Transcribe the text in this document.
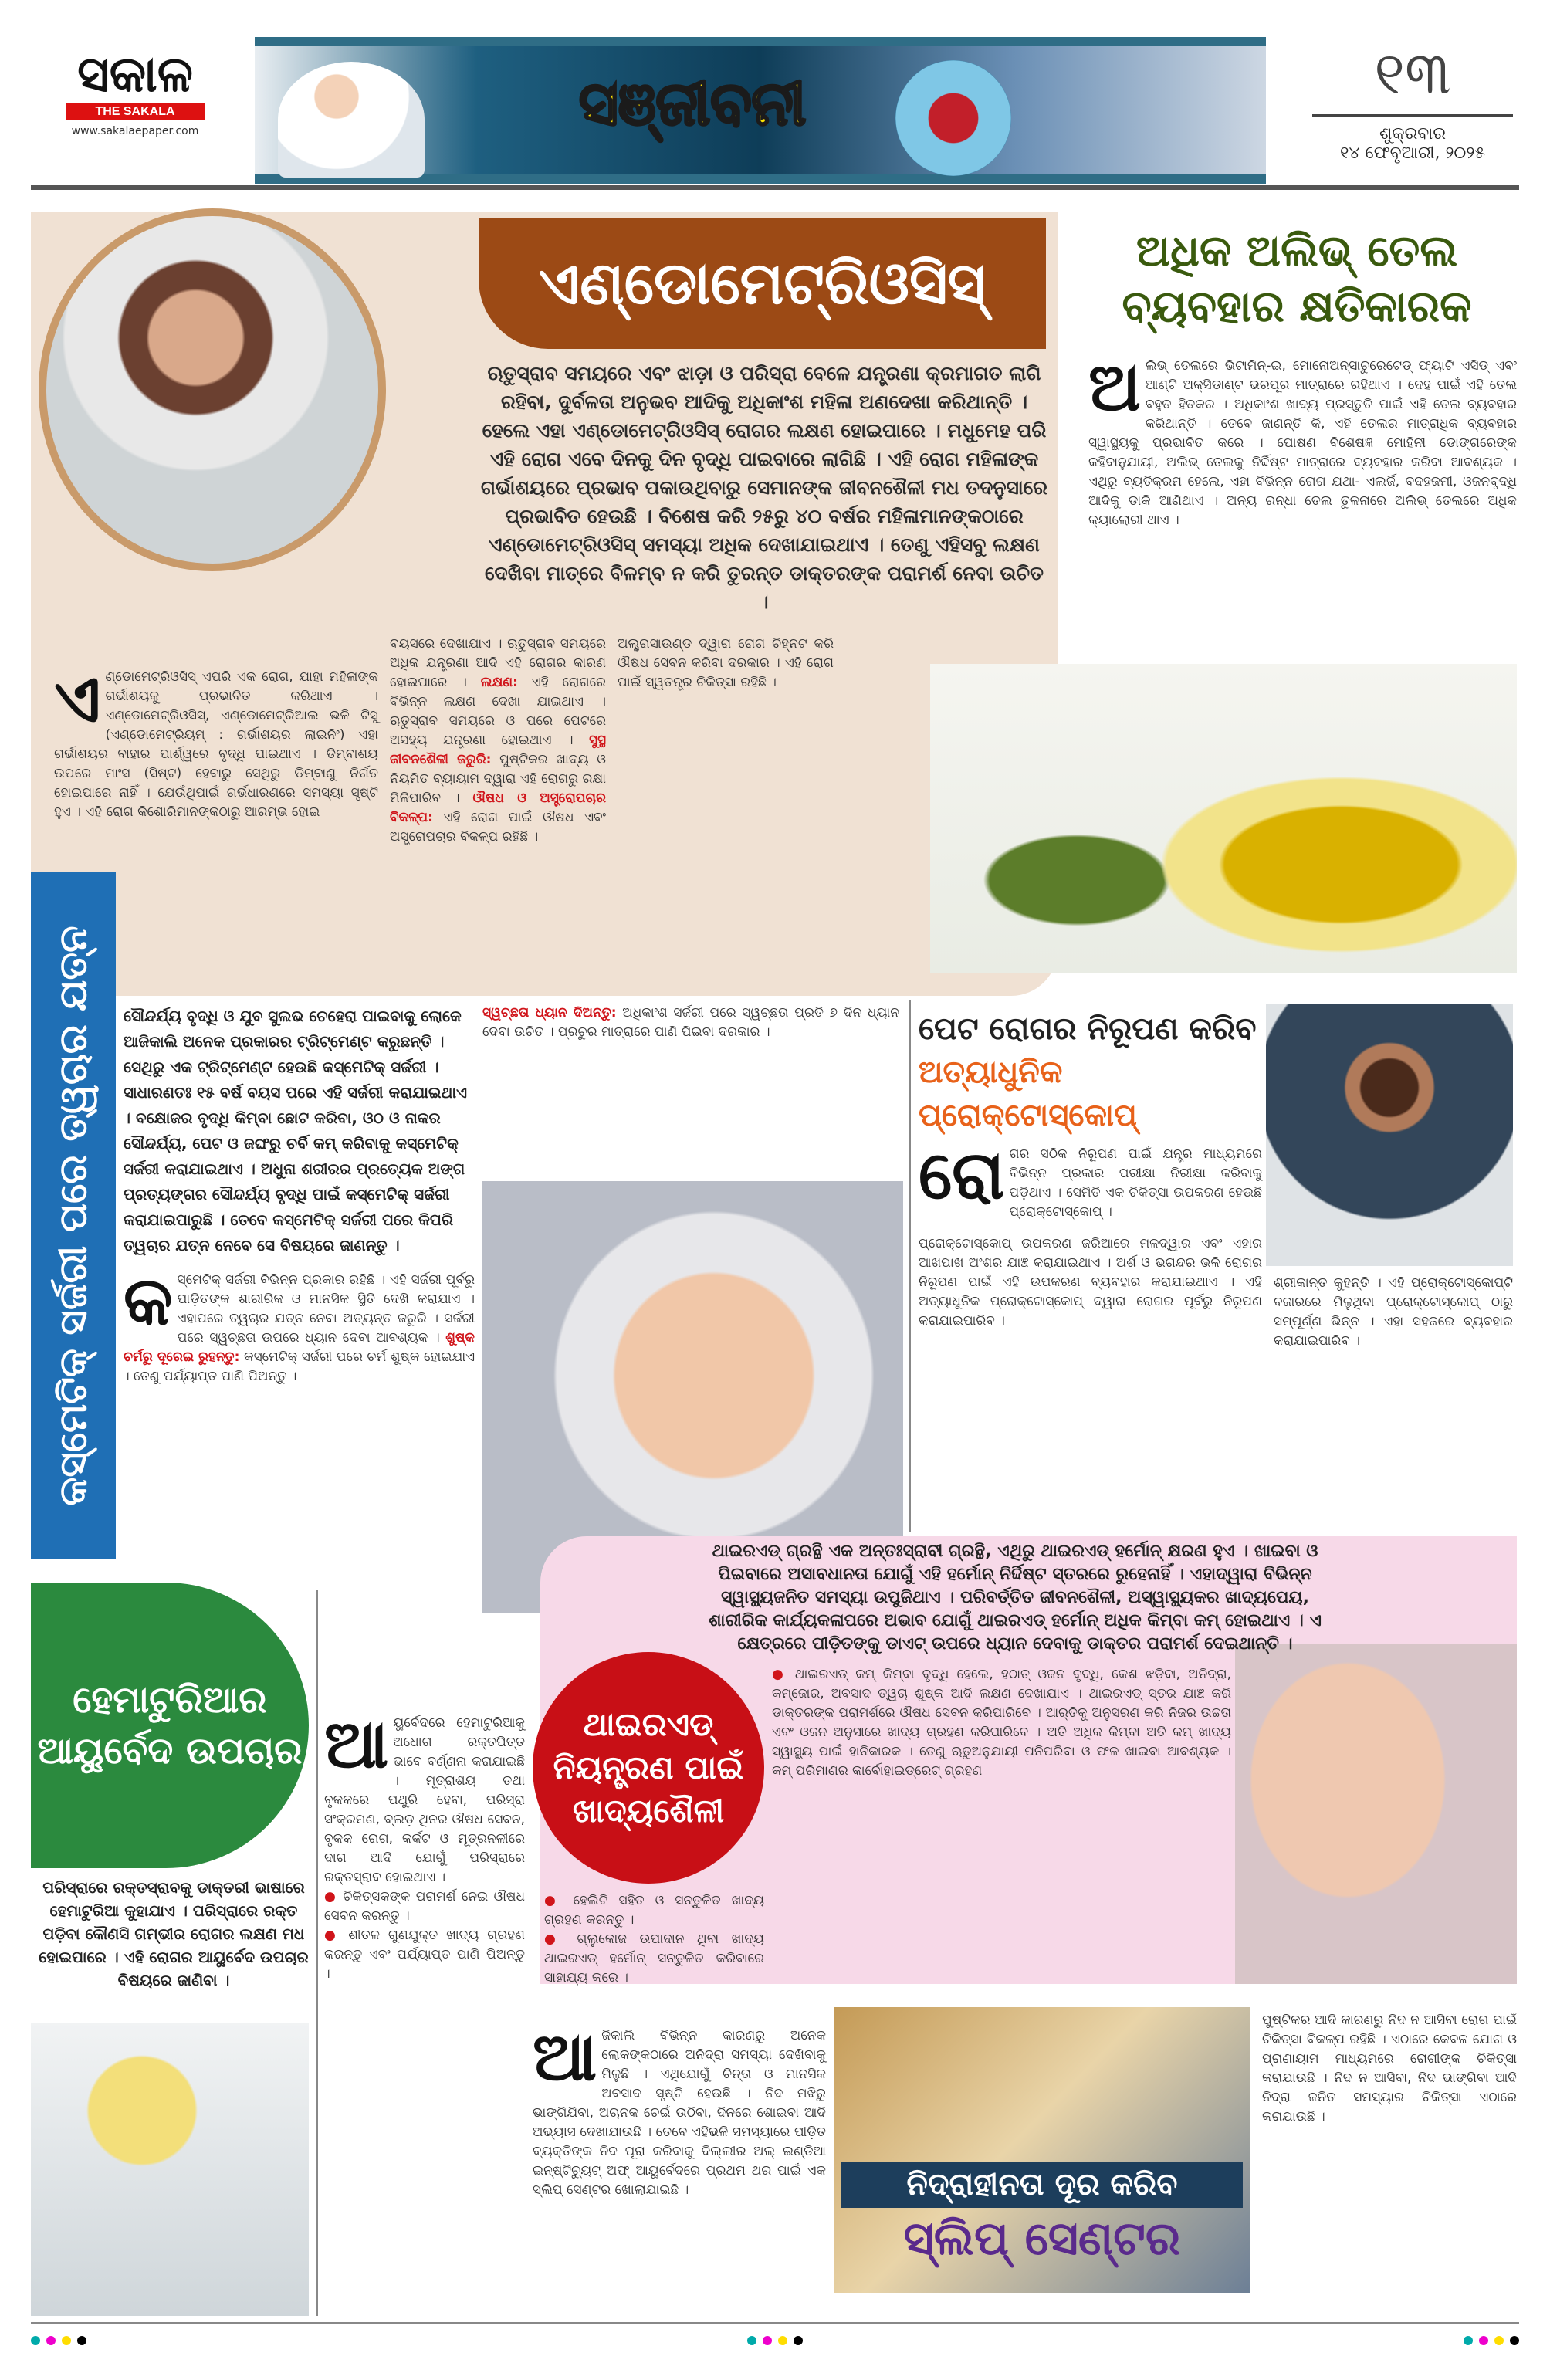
ସକାଳ
THE SAKALA
www.sakalaepaper.com	ସଞ୍ଜୀବନୀ	୧୩
ଶୁକ୍ରବାର
୧୪ ଫେବୃଆରୀ, ୨୦୨୫
ଏଣ୍ଡୋମେଟ୍ରିଓସିସ୍
ଋତୁସ୍ରାବ ସମୟରେ ଏବଂ ଝାଡ଼ା ଓ ପରିସ୍ରା ବେଳେ ଯନ୍ତ୍ରଣା କ୍ରମାଗତ ଲାଗି ରହିବା, ଦୁର୍ବଳତା ଅନୁଭବ ଆଦିକୁ ଅଧିକାଂଶ ମହିଳା ଅଣଦେଖା କରିଥାନ୍ତି । ହେଲେ ଏହା ଏଣ୍ଡୋମେଟ୍ରିଓସିସ୍ ରୋଗର ଲକ୍ଷଣ ହୋଇପାରେ । ମଧୁମେହ ପରି ଏହି ରୋଗ ଏବେ ଦିନକୁ ଦିନ ବୃଦ୍ଧି ପାଇବାରେ ଲାଗିଛି । ଏହି ରୋଗ ମହିଳାଙ୍କ ଗର୍ଭାଶୟରେ ପ୍ରଭାବ ପକାଉଥିବାରୁ ସେମାନଙ୍କ ଜୀବନଶୈଳୀ ମଧ ତଦନୁସାରେ ପ୍ରଭାବିତ ହେଉଛି । ବିଶେଷ କରି ୨୫ରୁ ୪୦ ବର୍ଷର ମହିଳାମାନଙ୍କଠାରେ ଏଣ୍ଡୋମେଟ୍ରିଓସିସ୍ ସମସ୍ୟା ଅଧିକ ଦେଖାଯାଇଥାଏ । ତେଣୁ ଏହିସବୁ ଲକ୍ଷଣ ଦେଖିବା ମାତ୍ରେ ବିଳମ୍ବ ନ କରି ତୁରନ୍ତ ଡାକ୍ତରଙ୍କ ପରାମର୍ଶ ନେବା ଉଚିତ ।
ବୟସରେ ଦେଖାଯାଏ । ଋତୁସ୍ରାବ ସମୟରେ ଅଧିକ ଯନ୍ତ୍ରଣା ଆଦି ଏହି ରୋଗର କାରଣ ହୋଇପାରେ । ଲକ୍ଷଣ: ଏହି ରୋଗରେ ବିଭିନ୍ନ ଲକ୍ଷଣ ଦେଖା ଯାଇଥାଏ । ଋତୁସ୍ରାବ ସମୟରେ ଓ ପରେ ପେଟରେ ଅସହ୍ୟ ଯନ୍ତ୍ରଣା ହୋଇଥାଏ । ସୁସ୍ଥ ଜୀବନଶୈଳୀ ଜରୁରି: ପୁଷ୍ଟିକର ଖାଦ୍ୟ ଓ ନିୟମିତ ବ୍ୟାୟାମ ଦ୍ୱାରା ଏହି ରୋଗରୁ ରକ୍ଷା ମିଳିପାରିବ । ଔଷଧ ଓ ଅସ୍ତ୍ରୋପଚାର ବିକଳ୍ପ: ଏହି ରୋଗ ପାଇଁ ଔଷଧ ଏବଂ ଅସ୍ତ୍ରୋପଚାର ବିକଳ୍ପ ରହିଛି ।
ଅଲ୍ଟ୍ରାସାଉଣ୍ଡ ଦ୍ୱାରା ରୋଗ ଚିହ୍ନଟ କରି ଔଷଧ ସେବନ କରିବା ଦରକାର । ଏହି ରୋଗ ପାଇଁ ସ୍ୱତନ୍ତ୍ର ଚିକିତ୍ସା ରହିଛି ।
ଏଣ୍ଡୋମେଟ୍ରିଓସିସ୍ ଏପରି ଏକ ରୋଗ, ଯାହା ମହିଳାଙ୍କ ଗର୍ଭାଶୟକୁ ପ୍ରଭାବିତ କରିଥାଏ । ଏଣ୍ଡୋମେଟ୍ରିଓସିସ୍, ଏଣ୍ଡୋମେଟ୍ରିଆଲ ଭଳି ଟିସୁ (ଏଣ୍ଡୋମେଟ୍ରିୟମ୍ : ଗର୍ଭାଶୟର ଲାଇନିଂ) ଏହା ଗର୍ଭାଶୟର ବାହାର ପାର୍ଶ୍ୱରେ ବୃଦ୍ଧି ପାଇଥାଏ । ଡିମ୍ବାଶୟ ଉପରେ ମାଂସ (ସିଷ୍ଟ) ହେବାରୁ ସେଥିରୁ ଡିମ୍ବାଣୁ ନିର୍ଗତ ହୋଇପାରେ ନାହିଁ । ଯେଉଁଥିପାଇଁ ଗର୍ଭଧାରଣରେ ସମସ୍ୟା ସୃଷ୍ଟି ହୁଏ । ଏହି ରୋଗ କିଶୋରିମାନଙ୍କଠାରୁ ଆରମ୍ଭ ହୋଇ
ଅଧିକ ଅଲିଭ୍ ତେଲ ବ୍ୟବହାର କ୍ଷତିକାରକ
ଅଲିଭ୍ ତେଲରେ ଭିଟାମିନ୍-ଇ, ମୋନୋଅନ୍‌ସାଚୁରେଟେଡ୍ ଫ୍ୟାଟି ଏସିଡ୍ ଏବଂ ଆଣ୍ଟି ଅକ୍ସିଡାଣ୍ଟ ଭରପୂର ମାତ୍ରାରେ ରହିଥାଏ । ଦେହ ପାଇଁ ଏହି ତେଲ ବହୁତ ହିତକର । ଅଧିକାଂଶ ଖାଦ୍ୟ ପ୍ରସ୍ତୁତି ପାଇଁ ଏହି ତେଲ ବ୍ୟବହାର କରିଥାନ୍ତି । ତେବେ ଜାଣନ୍ତି କି, ଏହି ତେଲର ମାତ୍ରାଧିକ ବ୍ୟବହାର ସ୍ୱାସ୍ଥ୍ୟକୁ ପ୍ରଭାବିତ କରେ । ପୋଷଣ ବିଶେଷଜ୍ଞ ମୋହିନୀ ଡୋଙ୍ଗରେଙ୍କ କହିବାନୁଯାୟୀ, ଅଲିଭ୍ ତେଲକୁ ନିର୍ଦ୍ଦିଷ୍ଟ ମାତ୍ରାରେ ବ୍ୟବହାର କରିବା ଆବଶ୍ୟକ । ଏଥିରୁ ବ୍ୟତିକ୍ରମ ହେଲେ, ଏହା ବିଭିନ୍ନ ରୋଗ ଯଥା- ଏଲର୍ଜି, ବଦହଜମୀ, ଓଜନବୃଦ୍ଧି ଆଦିକୁ ଡାକି ଆଣିଥାଏ । ଅନ୍ୟ ରନ୍ଧା ତେଲ ତୁଳନାରେ ଅଲିଭ୍ ତେଲରେ ଅଧିକ କ୍ୟାଲୋରୀ ଥାଏ ।
କସ୍ମେଟିକ୍ ସର୍ଜରୀ ପରେ ତ୍ୱଚାର ଯତ୍ନ ସୌନ୍ଦର୍ଯ୍ୟ ବୃଦ୍ଧି ଓ ଯୁବ ସୁଲଭ ଚେହେରା ପାଇବାକୁ ଲୋକେ ଆଜିକାଲି ଅନେକ ପ୍ରକାରର ଟ୍ରିଟ୍‌ମେଣ୍ଟ କରୁଛନ୍ତି । ସେଥିରୁ ଏକ ଟ୍ରିଟ୍‌ମେଣ୍ଟ ହେଉଛି କସ୍ମେଟିକ୍ ସର୍ଜରୀ । ସାଧାରଣତଃ ୧୫ ବର୍ଷ ବୟସ ପରେ ଏହି ସର୍ଜରୀ କରାଯାଇଥାଏ । ବକ୍ଷୋଜର ବୃଦ୍ଧି କିମ୍ବା ଛୋଟ କରିବା, ଓଠ ଓ ନାକର ସୌନ୍ଦର୍ଯ୍ୟ, ପେଟ ଓ ଜଙ୍ଘରୁ ଚର୍ବି କମ୍ କରିବାକୁ କସ୍ମେଟିକ୍ ସର୍ଜରୀ କରାଯାଇଥାଏ । ଅଧୁନା ଶରୀରର ପ୍ରତ୍ୟେକ ଅଙ୍ଗ ପ୍ରତ୍ୟଙ୍ଗର ସୌନ୍ଦର୍ଯ୍ୟ ବୃଦ୍ଧି ପାଇଁ କସ୍ମେଟିକ୍ ସର୍ଜରୀ କରାଯାଇପାରୁଛି । ତେବେ କସ୍ମେଟିକ୍ ସର୍ଜରୀ ପରେ କିପରି ତ୍ୱଚାର ଯତ୍ନ ନେବେ ସେ ବିଷୟରେ ଜାଣନ୍ତୁ ।
କସ୍ମେଟିକ୍ ସର୍ଜରୀ ବିଭିନ୍ନ ପ୍ରକାର ରହିଛି । ଏହି ସର୍ଜରୀ ପୂର୍ବରୁ ପାଡ଼ିତଙ୍କ ଶାରୀରିକ ଓ ମାନସିକ ସ୍ଥିତି ଦେଖି କରାଯାଏ । ଏହାପରେ ତ୍ୱଚାର ଯତ୍ନ ନେବା ଅତ୍ୟନ୍ତ ଜରୁରି । ସର୍ଜରୀ ପରେ ସ୍ୱଚ୍ଛତା ଉପରେ ଧ୍ୟାନ ଦେବା ଆବଶ୍ୟକ । ଶୁଷ୍କ ଚର୍ମରୁ ଦୂରେଇ ରୁହନ୍ତୁ: କସ୍ମେଟିକ୍ ସର୍ଜରୀ ପରେ ଚର୍ମ ଶୁଷ୍କ ହୋଇଯାଏ । ତେଣୁ ପର୍ଯ୍ୟାପ୍ତ ପାଣି ପିଅନ୍ତୁ ।
ସ୍ୱଚ୍ଛତା ଧ୍ୟାନ ଦିଅନ୍ତୁ: ଅଧିକାଂଶ ସର୍ଜରୀ ପରେ ସ୍ୱଚ୍ଛତା ପ୍ରତି ୭ ଦିନ ଧ୍ୟାନ ଦେବା ଉଚିତ । ପ୍ରଚୁର ମାତ୍ରାରେ ପାଣି ପିଇବା ଦରକାର ।	ପେଟ ରୋଗର ନିରୂପଣ କରିବ
ଅତ୍ୟାଧୁନିକ ପ୍ରୋକ୍ଟୋସ୍କୋପ୍
ରୋଗର ସଠିକ ନିରୂପଣ ପାଇଁ ଯନ୍ତ୍ର ମାଧ୍ୟମରେ ବିଭିନ୍ନ ପ୍ରକାର ପରୀକ୍ଷା ନିରୀକ୍ଷା କରିବାକୁ ପଡ଼ିଥାଏ । ସେମିତି ଏକ ଚିକିତ୍ସା ଉପକରଣ ହେଉଛି ପ୍ରୋକ୍ଟୋସ୍କୋପ୍ ।
ପ୍ରୋକ୍ଟୋସ୍କୋପ୍ ଉପକରଣ ଜରିଆରେ ମଳଦ୍ୱାର ଏବଂ ଏହାର ଆଖପାଖ ଅଂଶର ଯାଞ୍ଚ କରାଯାଇଥାଏ । ଅର୍ଶ ଓ ଭଗନ୍ଦର ଭଳି ରୋଗର ନିରୂପଣ ପାଇଁ ଏହି ଉପକରଣ ବ୍ୟବହାର କରାଯାଇଥାଏ । ଏହି ଅତ୍ୟାଧୁନିକ ପ୍ରୋକ୍ଟୋସ୍କୋପ୍ ଦ୍ୱାରା ରୋଗର ପୂର୍ବରୁ ନିରୂପଣ କରାଯାଇପାରିବ ।
ଶ୍ରୀକାନ୍ତ କୁହନ୍ତି । ଏହି ପ୍ରୋକ୍ଟୋସ୍କୋପ୍‌ଟି ବଜାରରେ ମିଳୁଥିବା ପ୍ରୋକ୍ଟୋସ୍କୋପ୍ ଠାରୁ ସମ୍ପୂର୍ଣ୍ଣ ଭିନ୍ନ । ଏହା ସହଜରେ ବ୍ୟବହାର କରାଯାଇପାରିବ ।
ଥାଇରଏଡ୍ ଗ୍ରନ୍ଥି ଏକ ଅନ୍ତଃସ୍ରାବୀ ଗ୍ରନ୍ଥି, ଏଥିରୁ ଥାଇରଏଡ୍ ହର୍ମୋନ୍ କ୍ଷରଣ ହୁଏ । ଖାଇବା ଓ ପିଇବାରେ ଅସାବଧାନତା ଯୋଗୁଁ ଏହି ହର୍ମୋନ୍ ନିର୍ଦ୍ଦିଷ୍ଟ ସ୍ତରରେ ରୁହେନାହିଁ । ଏହାଦ୍ୱାରା ବିଭିନ୍ନ ସ୍ୱାସ୍ଥ୍ୟଜନିତ ସମସ୍ୟା ଉପୁଜିଥାଏ । ପରିବର୍ତ୍ତିତ ଜୀବନଶୈଳୀ, ଅସ୍ୱାସ୍ଥ୍ୟକର ଖାଦ୍ୟପେୟ, ଶାରୀରିକ କାର୍ଯ୍ୟକଳାପରେ ଅଭାବ ଯୋଗୁଁ ଥାଇରଏଡ୍ ହର୍ମୋନ୍ ଅଧିକ କିମ୍ବା କମ୍ ହୋଇଥାଏ । ଏ କ୍ଷେତ୍ରରେ ପୀଡ଼ିତଙ୍କୁ ଡାଏଟ୍ ଉପରେ ଧ୍ୟାନ ଦେବାକୁ ଡାକ୍ତର ପରାମର୍ଶ ଦେଇଥାନ୍ତି ।

● ଥାଇରଏଡ୍ କମ୍ କିମ୍ବା ବୃଦ୍ଧି ହେଲେ, ହଠାତ୍ ଓଜନ ବୃଦ୍ଧି, କେଶ ଝଡ଼ିବା, ଅନିଦ୍ରା, କମ୍‌ଜୋର, ଅବସାଦ ତ୍ୱଚା ଶୁଷ୍କ ଆଦି ଲକ୍ଷଣ ଦେଖାଯାଏ । ଥାଇରଏଡ୍ ସ୍ତର ଯାଞ୍ଚ କରି ଡାକ୍ତରଙ୍କ ପରାମର୍ଶରେ ଔଷଧ ସେବନ କରିପାରିବେ । ଆର୍‌ତିକୁ ଅନୁସରଣ କରି ନିଜର ଉଚ୍ଚତା ଏବଂ ଓଜନ ଅନୁସାରେ ଖାଦ୍ୟ ଗ୍ରହଣ କରିପାରିବେ । ଅତି ଅଧିକ କିମ୍ବା ଅତି କମ୍ ଖାଦ୍ୟ ସ୍ୱାସ୍ଥ୍ୟ ପାଇଁ ହାନିକାରକ । ତେଣୁ ଋତୁଅନୁଯାୟୀ ପନିପରିବା ଓ ଫଳ ଖାଇବା ଆବଶ୍ୟକ । କମ୍ ପରିମାଣର କାର୍ବୋହାଇଡ୍ରେଟ୍ ଗ୍ରହଣ

ଥାଇରଏଡ୍ ନିୟନ୍ତ୍ରଣ ପାଇଁ ଖାଦ୍ୟଶୈଳୀ

● ହେଲିଟି ସହିତ ଓ ସନ୍ତୁଳିତ ଖାଦ୍ୟ ଗ୍ରହଣ କରନ୍ତୁ ।

● ଗ୍ଲୁକୋଜ ଉପାଦାନ ଥିବା ଖାଦ୍ୟ ଥାଇରଏଡ୍ ହର୍ମୋନ୍ ସନ୍ତୁଳିତ କରିବାରେ ସାହାଯ୍ୟ କରେ ।

ହେମାଟୁରିଆର ଆୟୁର୍ବେଦ ଉପଚାର
ପରିସ୍ରାରେ ରକ୍ତସ୍ରାବକୁ ଡାକ୍ତରୀ ଭାଷାରେ ହେମାଟୁରିଆ କୁହାଯାଏ । ପରିସ୍ରାରେ ରକ୍ତ ପଡ଼ିବା କୌଣସି ଗମ୍ଭୀର ରୋଗର ଲକ୍ଷଣ ମଧ ହୋଇପାରେ । ଏହି ରୋଗର ଆୟୁର୍ବେଦ ଉପଚାର ବିଷୟରେ ଜାଣିବା ।
ଆୟୁର୍ବେଦରେ ହେମାଟୁରିଆକୁ ଅଧୋଗ ରକ୍ତପିତ୍ତ ଭାବେ ବର୍ଣ୍ଣନା କରାଯାଇଛି । ମୂତ୍ରାଶୟ ତଥା ବୃକକରେ ପଥୁରି ହେବା, ପରିସ୍ରା ସଂକ୍ରମଣ, ବ୍ଲଡ଼ ଥିନର ଔଷଧ ସେବନ, ବୃକକ ରୋଗ, କର୍କଟ ଓ ମୂତ୍ରନଳୀରେ ଦାଗ ଆଦି ଯୋଗୁଁ ପରିସ୍ରାରେ ରକ୍ତସ୍ରାବ ହୋଇଥାଏ ।

● ଚିକିତ୍ସକଙ୍କ ପରାମର୍ଶ ନେଇ ଔଷଧ ସେବନ କରନ୍ତୁ ।

● ଶୀତଳ ଗୁଣଯୁକ୍ତ ଖାଦ୍ୟ ଗ୍ରହଣ କରନ୍ତୁ ଏବଂ ପର୍ଯ୍ୟାପ୍ତ ପାଣି ପିଅନ୍ତୁ ।

ଆଜିକାଲି ବିଭିନ୍ନ କାରଣରୁ ଅନେକ ଲୋକଙ୍କଠାରେ ଅନିଦ୍ରା ସମସ୍ୟା ଦେଖିବାକୁ ମିଳୁଛି । ଏଥିଯୋଗୁଁ ଚିନ୍ତା ଓ ମାନସିକ ଅବସାଦ ସୃଷ୍ଟି ହେଉଛି । ନିଦ ମଝିରୁ ଭାଙ୍ଗିଯିବା, ଅଚାନକ ଚେଇଁ ଉଠିବା, ଦିନରେ ଶୋଇବା ଆଦି ଅଭ୍ୟାସ ଦେଖାଯାଉଛି । ତେବେ ଏହିଭଳି ସମସ୍ୟାରେ ପୀଡ଼ିତ ବ୍ୟକ୍ତିଙ୍କ ନିଦ ପୂରା କରିବାକୁ ଦିଲ୍ଲୀର ଅଲ୍ ଇଣ୍ଡିଆ ଇନ୍‌ଷ୍ଟିଚ୍ୟୁଟ୍ ଅଫ୍ ଆୟୁର୍ବେଦରେ ପ୍ରଥମ ଥର ପାଇଁ ଏକ ସ୍ଲିପ୍ ସେଣ୍ଟର ଖୋଲାଯାଇଛି ।	ନିଦ୍ରାହୀନତା ଦୂର କରିବ
ସ୍ଲିପ୍ ସେଣ୍ଟର
ପୁଷ୍ଟିକର ଆଦି କାରଣରୁ ନିଦ ନ ଆସିବା ରୋଗ ପାଇଁ ଚିକିତ୍ସା ବିକଳ୍ପ ରହିଛି । ଏଠାରେ କେବଳ ଯୋଗ ଓ ପ୍ରାଣାୟାମ ମାଧ୍ୟମରେ ରୋଗୀଙ୍କ ଚିକିତ୍ସା କରାଯାଉଛି । ନିଦ ନ ଆସିବା, ନିଦ ଭାଙ୍ଗିବା ଆଦି ନିଦ୍ରା ଜନିତ ସମସ୍ୟାର ଚିକିତ୍ସା ଏଠାରେ କରାଯାଉଛି ।
